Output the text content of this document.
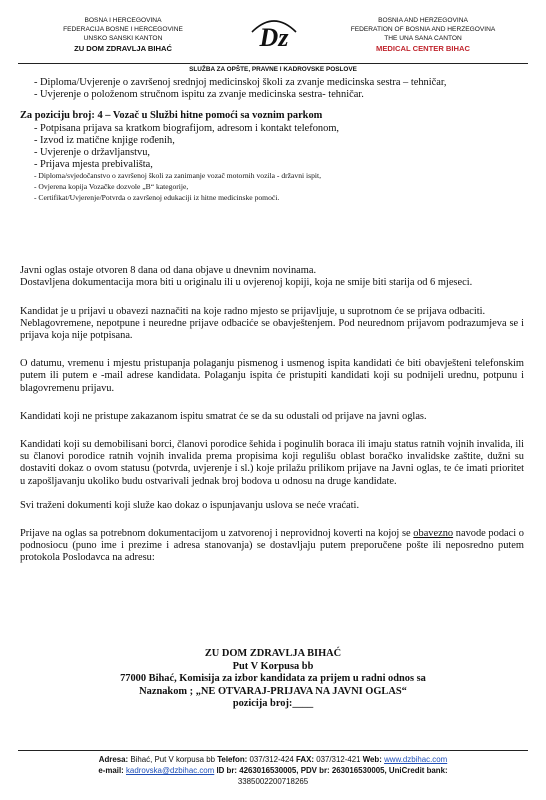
BOSNA I HERCEGOVINA
FEDERACIJA BOSNE I HERCEGOVINE
UNSKO SANSKI KANTON
ZU DOM ZDRAVLJA BIHAĆ	Dz
BOSNIA AND HERZEGOVINA
FEDERATION OF BOSNIA AND HERZEGOVINA
THE UNA SANA CANTON
MEDICAL CENTER BIHAC
SLUŽBA ZA OPŠTE, PRAVNE I KADROVSKE POSLOVE

- Diploma/Uvjerenje o završenoj srednjoj medicinskoj školi za zvanje medicinska sestra – tehničar,

- Uvjerenje o položenom stručnom ispitu za zvanje medicinska sestra- tehničar.

Za poziciju broj: 4 – Vozač u Službi hitne pomoći sa voznim parkom

- Potpisana prijava sa kratkom biografijom, adresom i kontakt telefonom,

- Izvod iz matične knjige rođenih,

- Uvjerenje o državljanstvu,

- Prijava mjesta prebivališta,

- Diploma/svjedočanstvo o završenoj školi za zanimanje vozač motornih vozila - državni ispit,

- Ovjerena kopija Vozačke dozvole „B“ kategorije,

- Certifikat/Uvjerenje/Potvrda o završenoj edukaciji iz hitne medicinske pomoći.

Javni oglas ostaje otvoren 8 dana od dana objave u dnevnim novinama.

Dostavljena dokumentacija mora biti u originalu ili u ovjerenoj kopiji, koja ne smije biti starija od 6 mjeseci.

Kandidat je u prijavi u obavezi naznačiti na koje radno mjesto se prijavljuje, u suprotnom će se prijava odbaciti.

Neblagovremene, nepotpune i neuredne prijave odbaciće se obavještenjem. Pod neurednom prijavom podrazumjeva se i prijava koja nije potpisana.

O datumu, vremenu i mjestu pristupanja polaganju pismenog i usmenog ispita kandidati će biti obavješteni telefonskim putem ili putem e -mail adrese kandidata. Polaganju ispita će pristupiti kandidati koji su podnijeli urednu, potpunu i blagovremenu prijavu.

Kandidati koji ne pristupe zakazanom ispitu smatrat će se da su odustali od prijave na javni oglas.

Kandidati koji su demobilisani borci, članovi porodice šehida i poginulih boraca ili imaju status ratnih vojnih invalida, ili su članovi porodice ratnih vojnih invalida prema propisima koji regulišu oblast boračko invalidske zaštite, dužni su dostaviti dokaz o ovom statusu (potvrda, uvjerenje i sl.) koje prilažu prilikom prijave na Javni oglas, te će imati prioritet u zapošljavanju ukoliko budu ostvarivali jednak broj bodova u odnosu na druge kandidate.

Svi traženi dokumenti koji služe kao dokaz o ispunjavanju uslova se neće vraćati.

Prijave na oglas sa potrebnom dokumentacijom u zatvorenoj i neprovidnoj koverti na kojoj se obavezno navode podaci o podnosiocu (puno ime i prezime i adresa stanovanja) se dostavljaju putem preporučene pošte ili neposredno putem protokola Poslodavca na adresu:

ZU DOM ZDRAVLJA BIHAĆ
Put V Korpusa bb
77000 Bihać, Komisija za izbor kandidata za prijem u radni odnos sa
Naznakom ; „NE OTVARAJ-PRIJAVA NA JAVNI OGLAS“
pozicija broj:____
Adresa: Bihać, Put V korpusa bb Telefon: 037/312-424 FAX: 037/312-421 Web: www.dzbihac.com
e-mail: kadrovska@dzbihac.com ID br: 4263016530005, PDV br: 263016530005, UniCredit bank:
3385002200718265
